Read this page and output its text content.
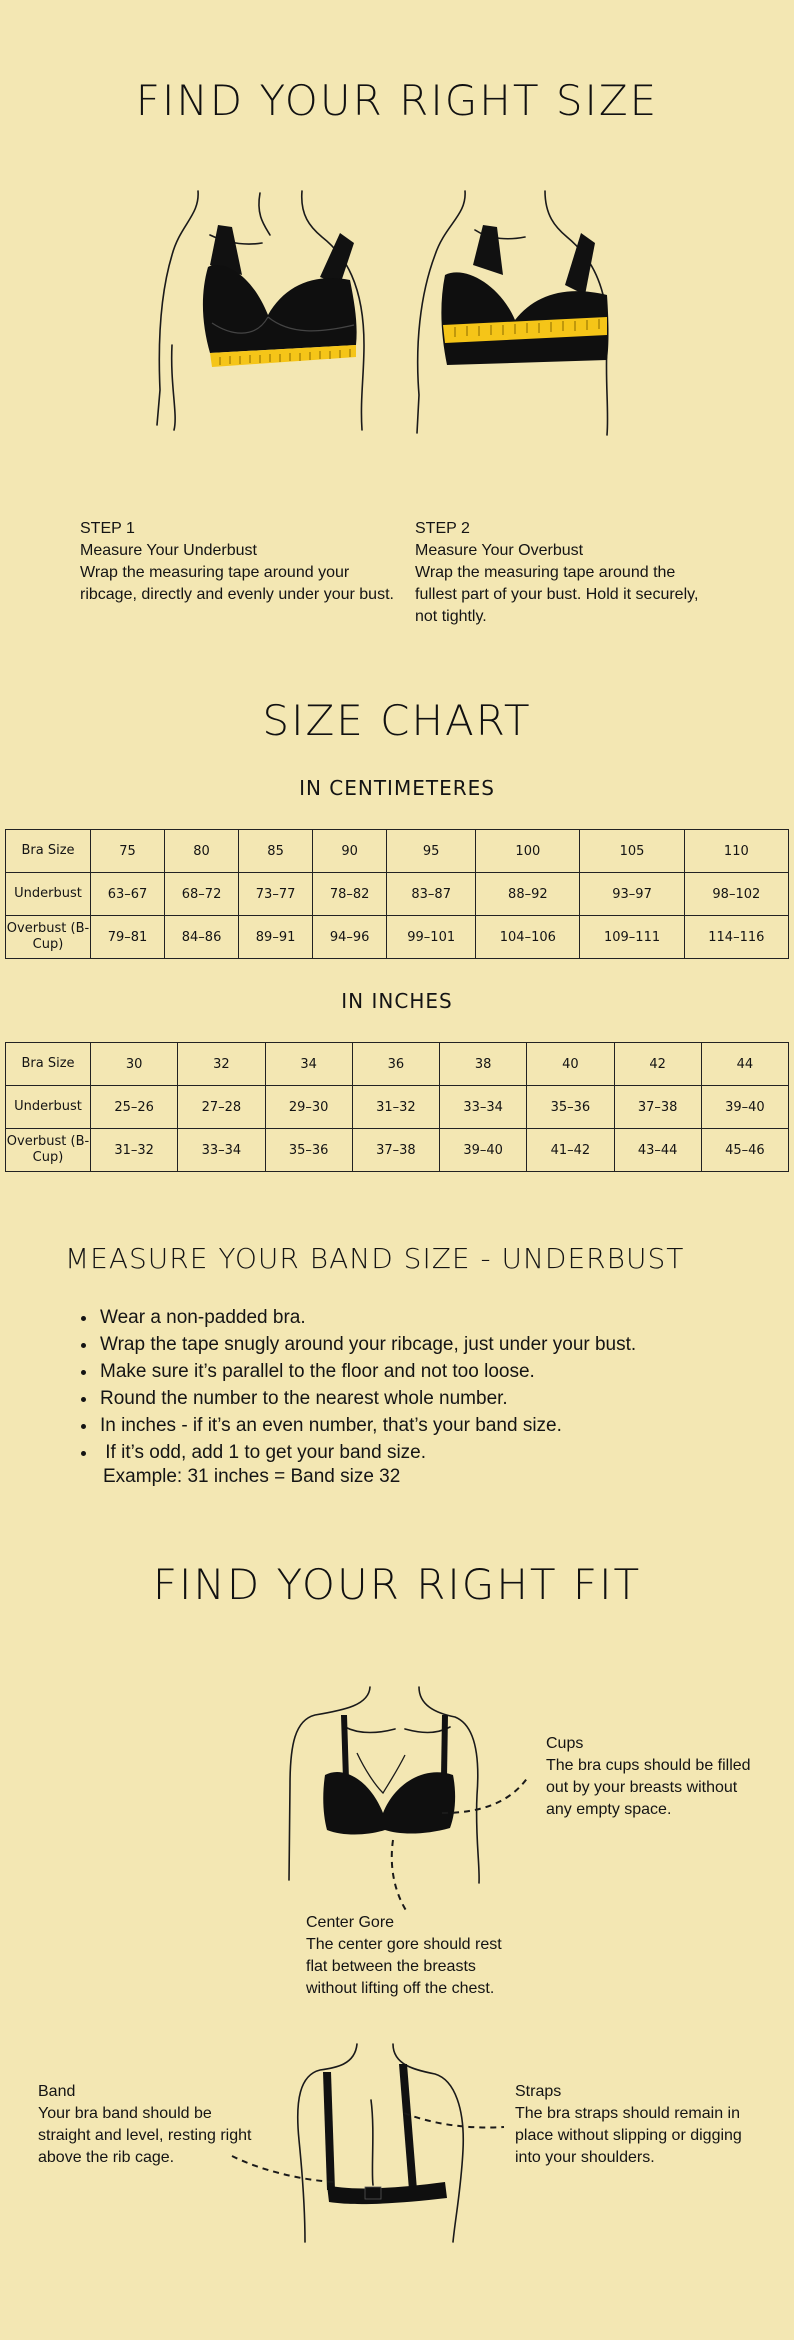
FIND YOUR RIGHT SIZE
STEP 1
Measure Your Underbust
Wrap the measuring tape around your ribcage, directly and evenly under your bust.
STEP 2
Measure Your Overbust
Wrap the measuring tape around the fullest part of your bust. Hold it securely, not tightly.
SIZE CHART
IN CENTIMETERES
Bra Size	75	80	85	90	95	100	105	110
Underbust	63–67	68–72	73–77	78–82	83–87	88–92	93–97	98–102
Overbust (B-Cup)	79–81	84–86	89–91	94–96	99–101	104–106	109–111	114–116
IN INCHES
Bra Size	30	32	34	36	38	40	42	44
Underbust	25–26	27–28	29–30	31–32	33–34	35–36	37–38	39–40
Overbust (B-Cup)	31–32	33–34	35–36	37–38	39–40	41–42	43–44	45–46
MEASURE YOUR BAND SIZE - UNDERBUST
• Wear a non-padded bra.
• Wrap the tape snugly around your ribcage, just under your bust.
• Make sure it’s parallel to the floor and not too loose.
• Round the number to the nearest whole number.
• In inches - if it’s an even number, that’s your band size.
•  If it’s odd, add 1 to get your band size.
Example: 31 inches = Band size 32
FIND YOUR RIGHT FIT
Cups
The bra cups should be filled out by your breasts without any empty space.
Center Gore
The center gore should rest flat between the breasts without lifting off the chest.
Band
Your bra band should be straight and level, resting right above the rib cage.
Straps
The bra straps should remain in place without slipping or digging into your shoulders.
